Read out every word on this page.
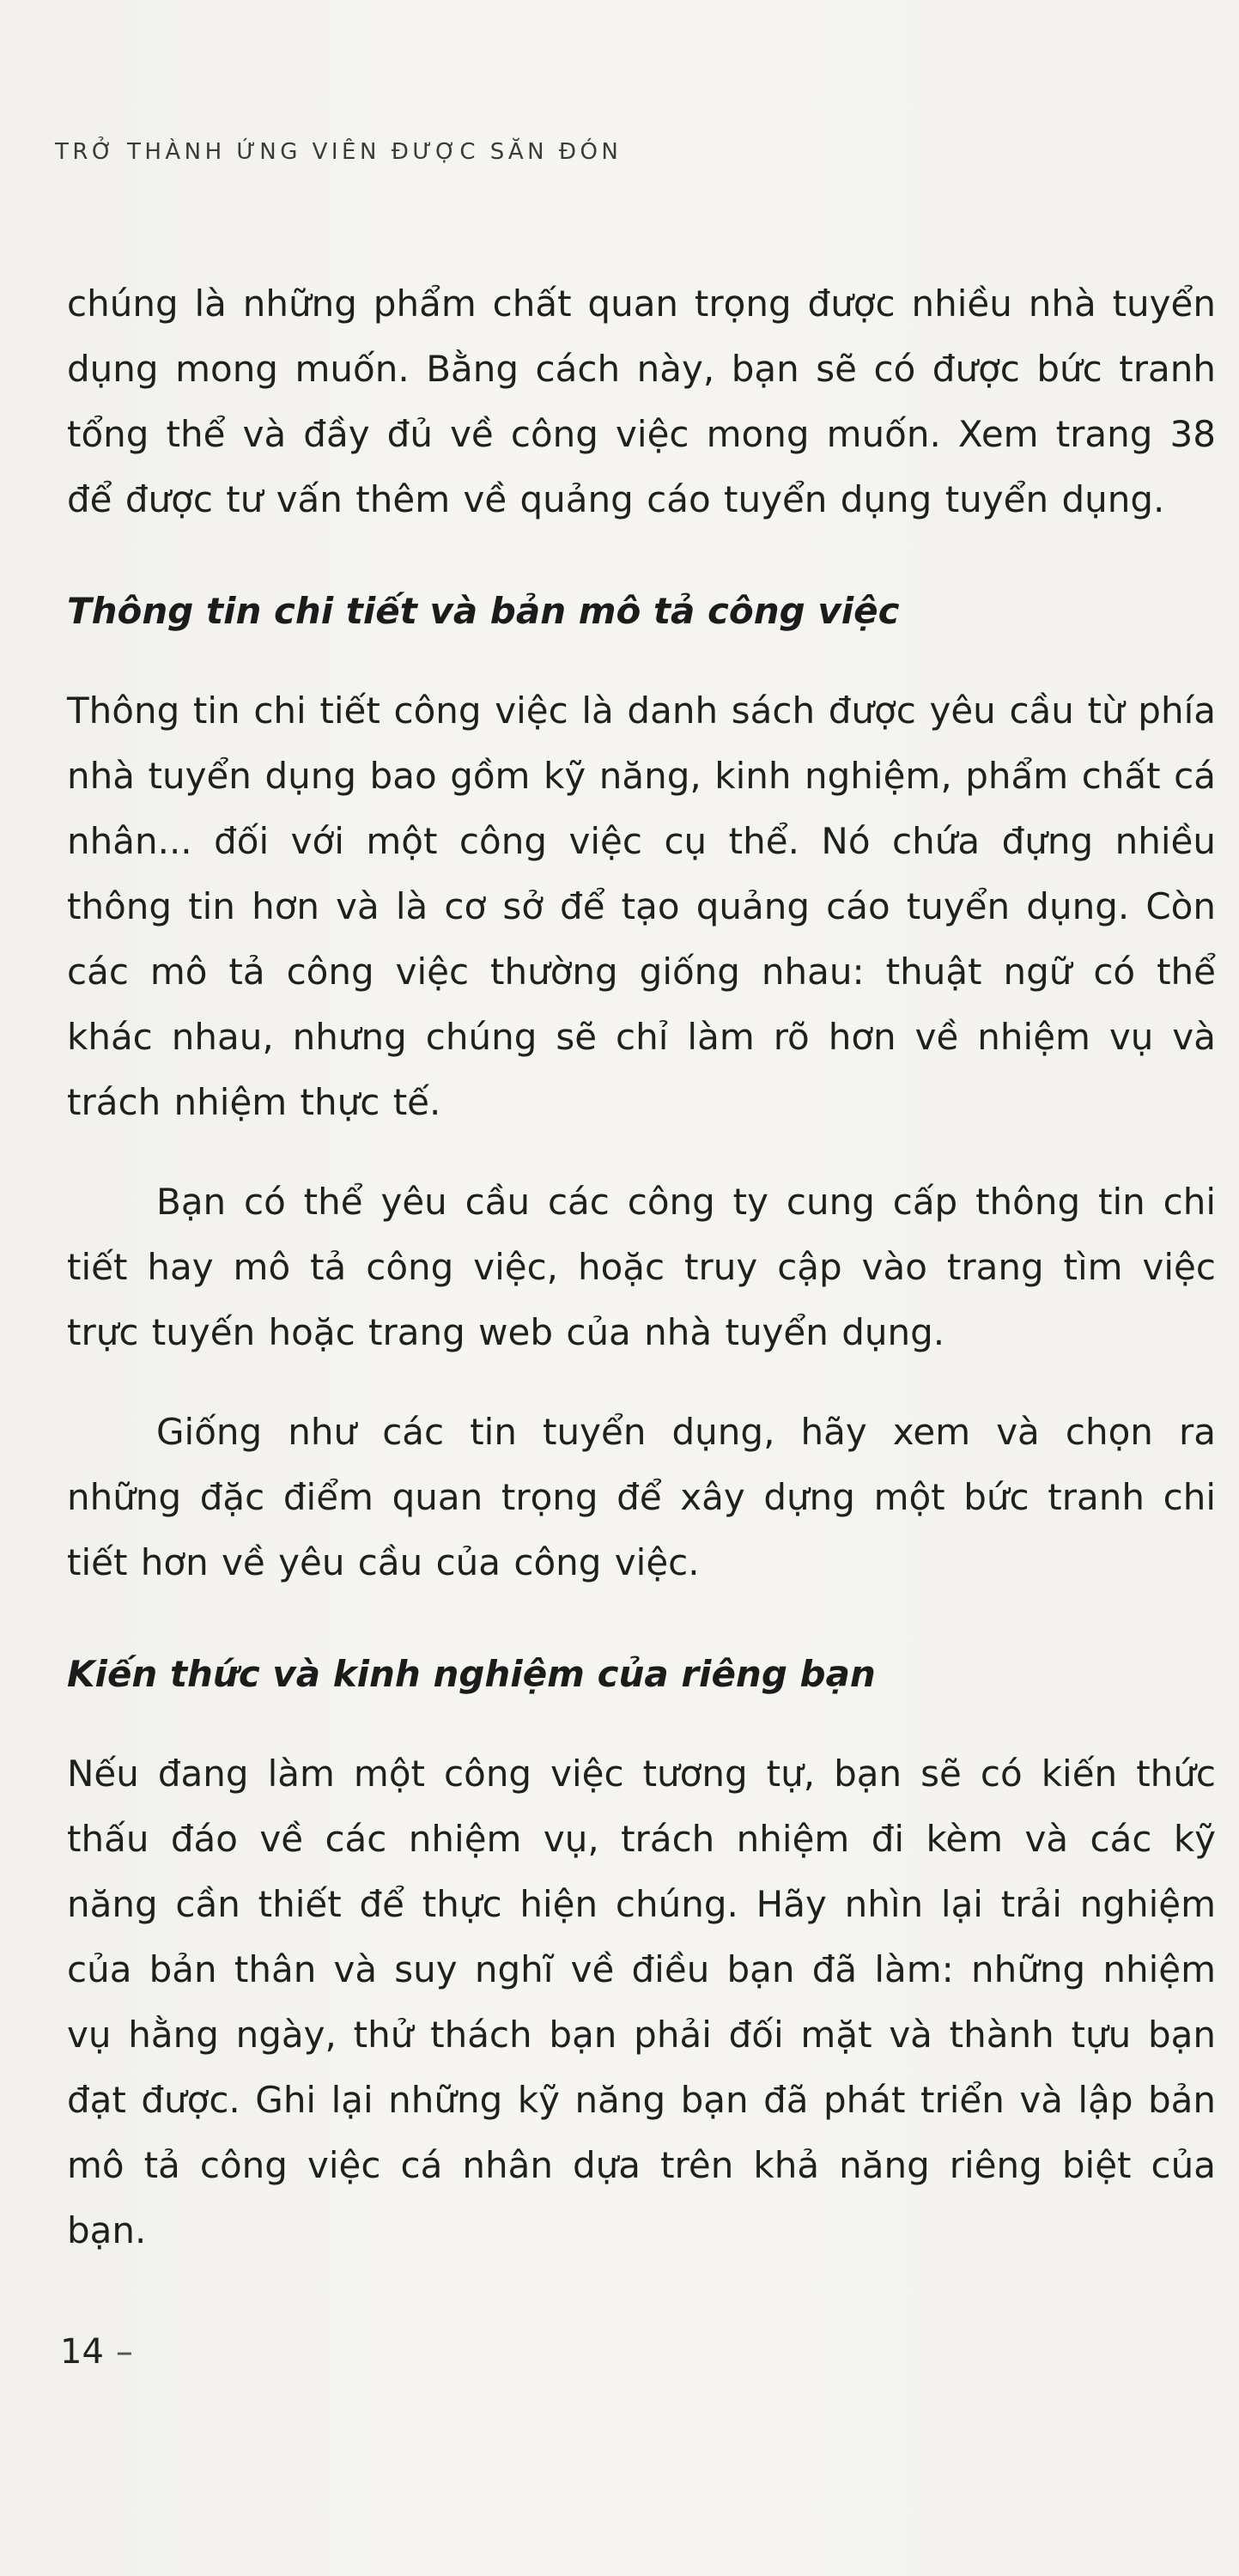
TRỞ THÀNH ỨNG VIÊN ĐƯỢC SĂN ĐÓN

chúng là những phẩm chất quan trọng được nhiều nhà tuyển dụng mong muốn. Bằng cách này, bạn sẽ có được bức tranh tổng thể và đầy đủ về công việc mong muốn. Xem trang 38 để được tư vấn thêm về quảng cáo tuyển dụng tuyển dụng.

Thông tin chi tiết và bản mô tả công việc

Thông tin chi tiết công việc là danh sách được yêu cầu từ phía nhà tuyển dụng bao gồm kỹ năng, kinh nghiệm, phẩm chất cá nhân... đối với một công việc cụ thể. Nó chứa đựng nhiều thông tin hơn và là cơ sở để tạo quảng cáo tuyển dụng. Còn các mô tả công việc thường giống nhau: thuật ngữ có thể khác nhau, nhưng chúng sẽ chỉ làm rõ hơn về nhiệm vụ và trách nhiệm thực tế.

Bạn có thể yêu cầu các công ty cung cấp thông tin chi tiết hay mô tả công việc, hoặc truy cập vào trang tìm việc trực tuyến hoặc trang web của nhà tuyển dụng.

Giống như các tin tuyển dụng, hãy xem và chọn ra những đặc điểm quan trọng để xây dựng một bức tranh chi tiết hơn về yêu cầu của công việc.

Kiến thức và kinh nghiệm của riêng bạn

Nếu đang làm một công việc tương tự, bạn sẽ có kiến thức thấu đáo về các nhiệm vụ, trách nhiệm đi kèm và các kỹ năng cần thiết để thực hiện chúng. Hãy nhìn lại trải nghiệm của bản thân và suy nghĩ về điều bạn đã làm: những nhiệm vụ hằng ngày, thử thách bạn phải đối mặt và thành tựu bạn đạt được. Ghi lại những kỹ năng bạn đã phát triển và lập bản mô tả công việc cá nhân dựa trên khả năng riêng biệt của bạn.

14 –
